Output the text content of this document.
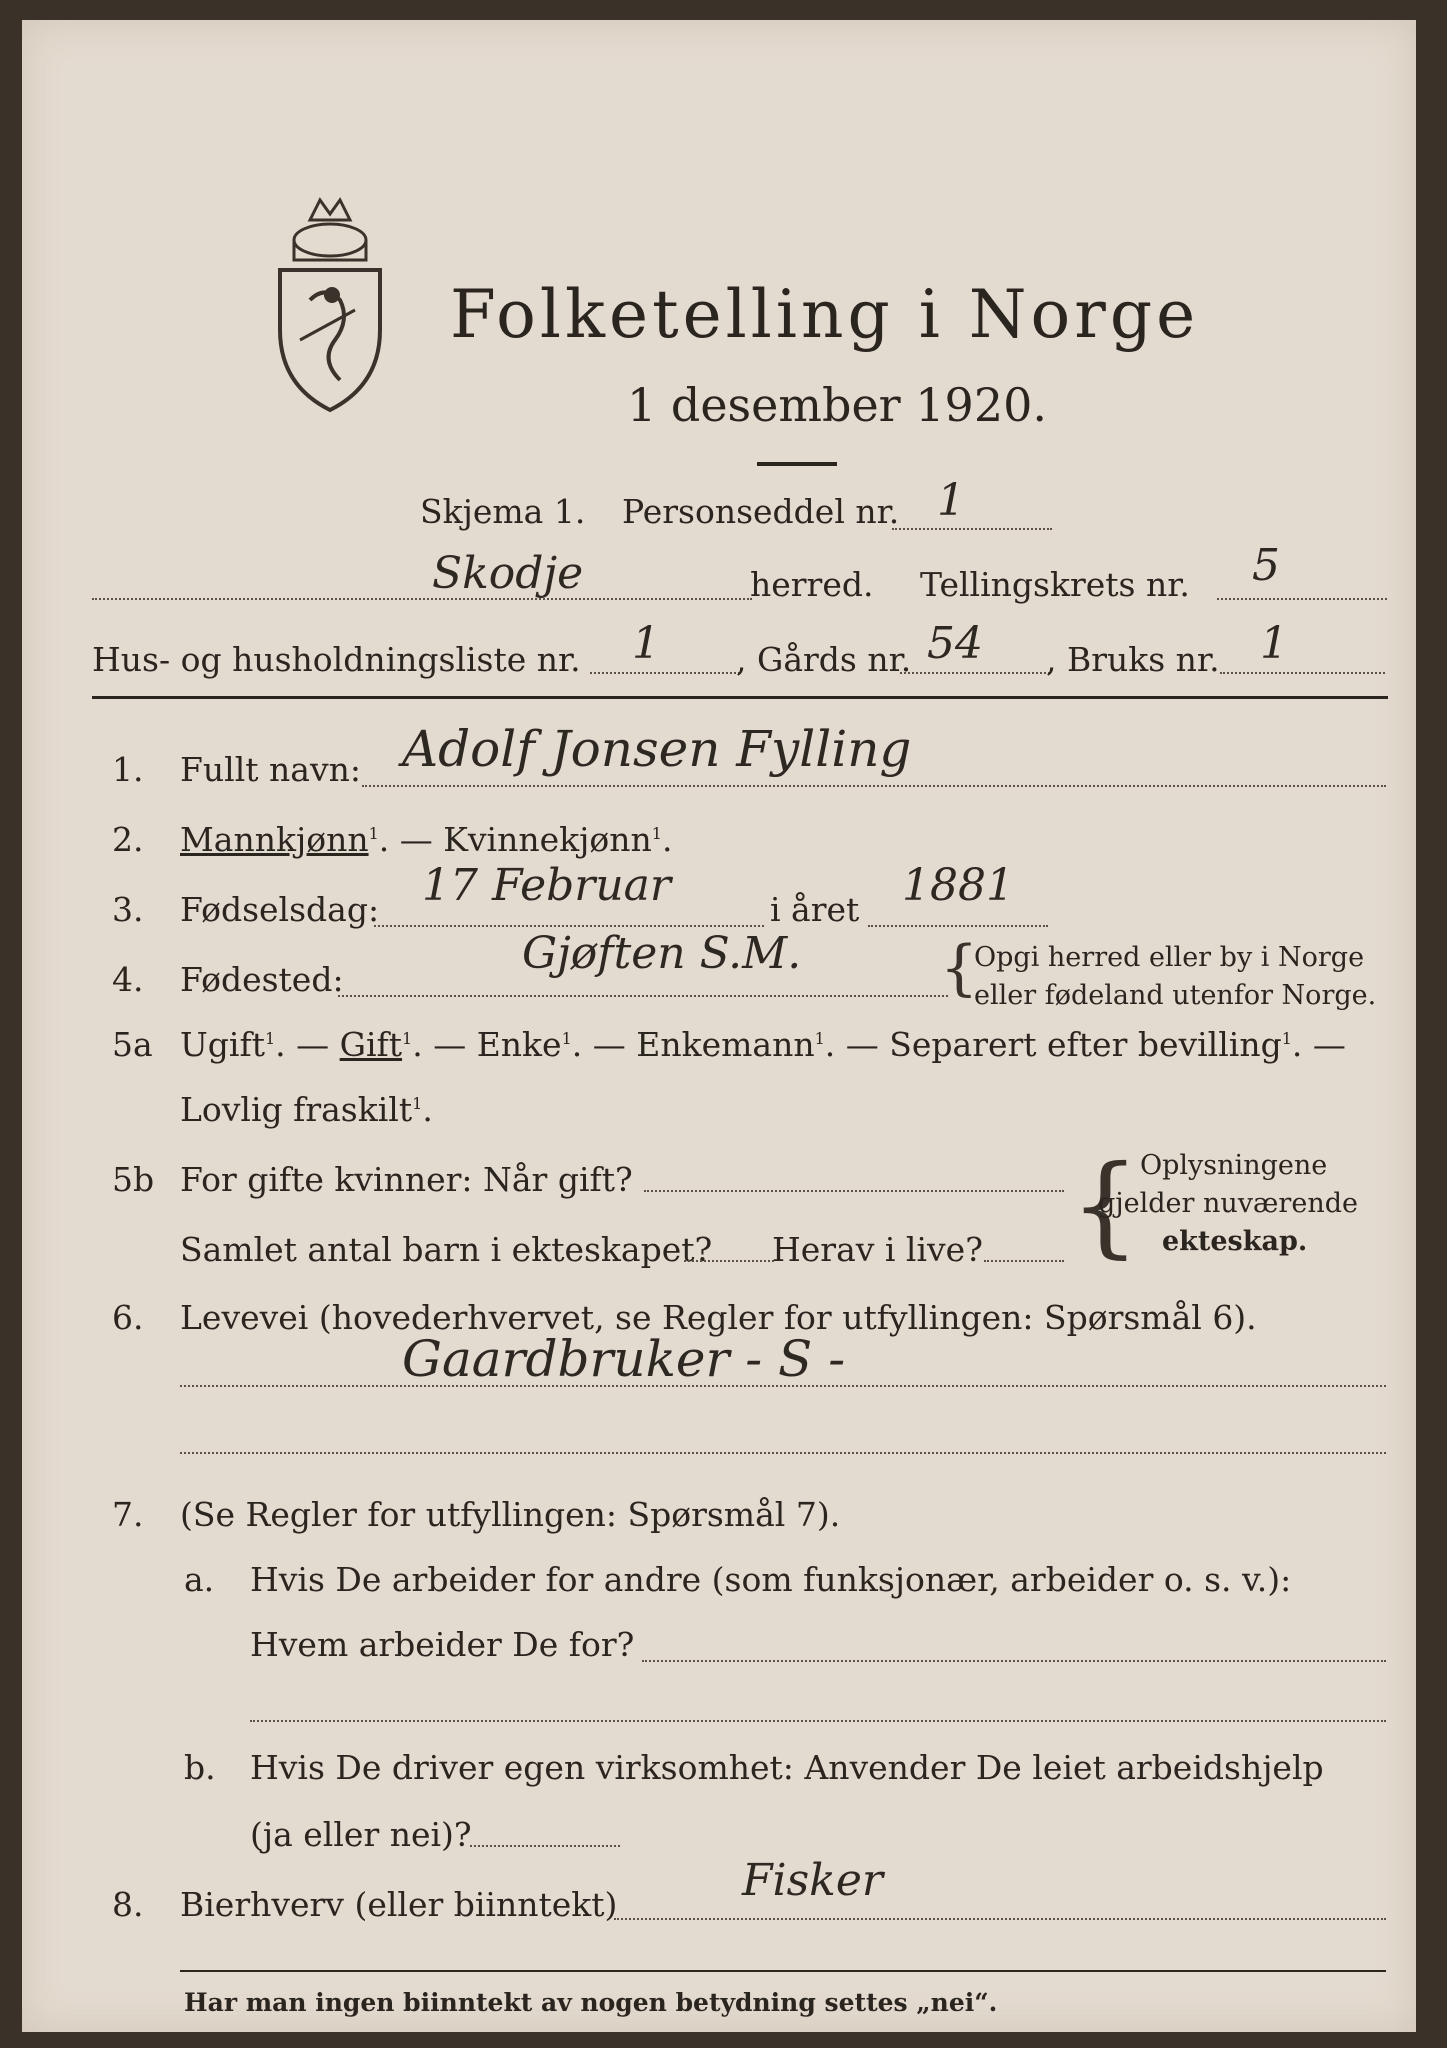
Folketelling i Norge
1 desember 1920.
Skjema 1. Personseddel nr. 1
Skodje	herred. Tellingskrets nr. 5
Hus- og husholdningsliste nr. 1 , Gårds nr. 54 , Bruks nr. 1
1. Fullt navn: Adolf Jonsen Fylling
2. Mannkjønn$^1$. — Kvinnekjønn$^1$.
3. Fødselsdag: 17 Februar	i året 1881
4. Fødested:
Gjøften S.M. {
Opgi herred eller by i Norge
eller fødeland utenfor Norge.
5a Ugift$^1$. — Gift$^1$. — Enke$^1$. — Enkemann$^1$. — Separert efter bevilling$^1$. —
Lovlig fraskilt$^1$.
5b For gifte kvinner: Når gift?
Samlet antal barn i ekteskapet? Herav i live? { Oplysningene
gjelder nuværende
ekteskap.
6. Levevei (hovederhvervet, se Regler for utfyllingen: Spørsmål 6).
Gaardbruker - S -
7. (Se Regler for utfyllingen: Spørsmål 7).
a. Hvis De arbeider for andre (som funksjonær, arbeider o. s. v.):
Hvem arbeider De for?
b. Hvis De driver egen virksomhet: Anvender De leiet arbeidshjelp
(ja eller nei)?
8. Bierhverv (eller biinntekt)	Fisker
Har man ingen biinntekt av nogen betydning settes „nei“.
